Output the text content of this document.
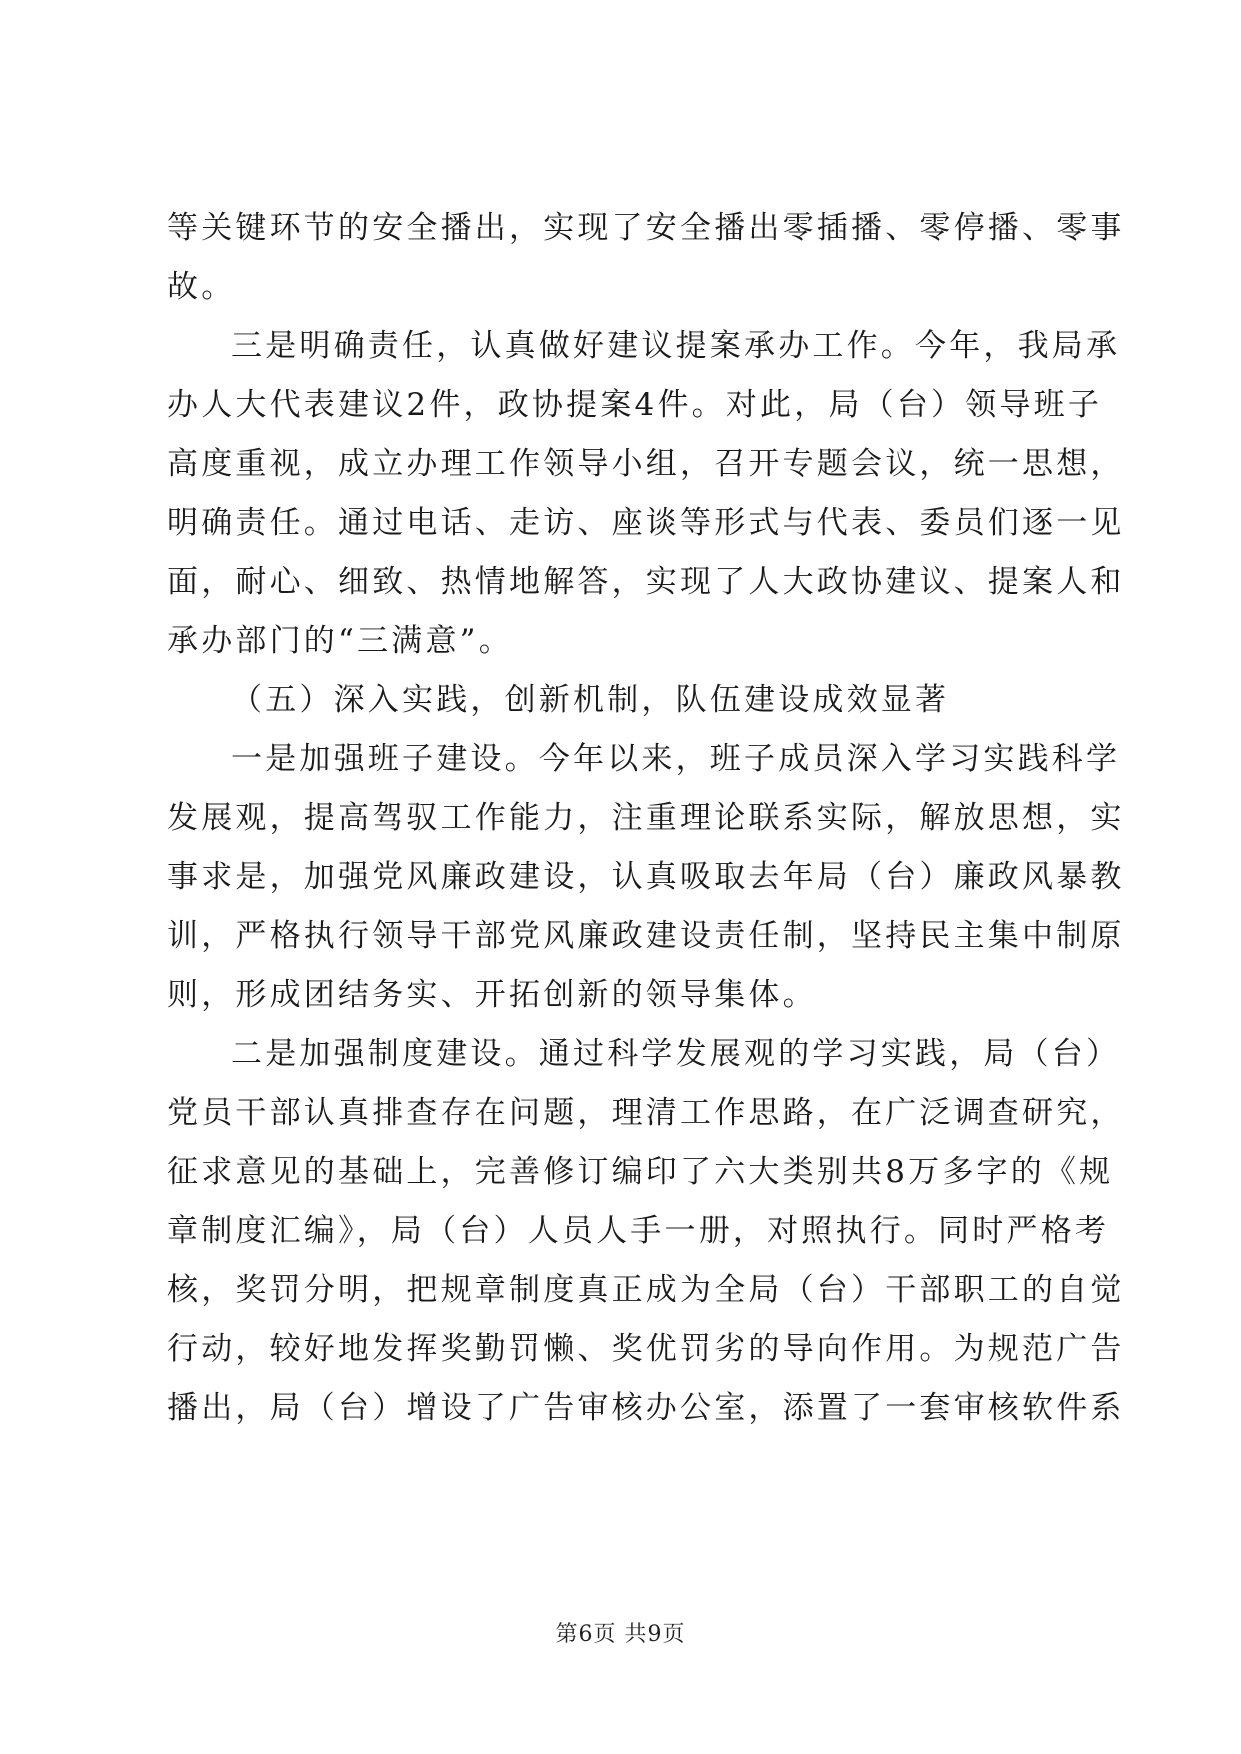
等关键环节的安全播出，实现了安全播出零插播、零停播、零事
故。
三是明确责任，认真做好建议提案承办工作。今年，我局承
办人大代表建议2件，政协提案4件。对此，局（台）领导班子
高度重视，成立办理工作领导小组，召开专题会议，统一思想，
明确责任。通过电话、走访、座谈等形式与代表、委员们逐一见
面，耐心、细致、热情地解答，实现了人大政协建议、提案人和
承办部门的“三满意”。
（五）深入实践，创新机制，队伍建设成效显著
一是加强班子建设。今年以来，班子成员深入学习实践科学
发展观，提高驾驭工作能力，注重理论联系实际，解放思想，实
事求是，加强党风廉政建设，认真吸取去年局（台）廉政风暴教
训，严格执行领导干部党风廉政建设责任制，坚持民主集中制原
则，形成团结务实、开拓创新的领导集体。
二是加强制度建设。通过科学发展观的学习实践，局（台）
党员干部认真排查存在问题，理清工作思路，在广泛调查研究，
征求意见的基础上，完善修订编印了六大类别共8万多字的《规
章制度汇编》，局（台）人员人手一册，对照执行。同时严格考
核，奖罚分明，把规章制度真正成为全局（台）干部职工的自觉
行动，较好地发挥奖勤罚懒、奖优罚劣的导向作用。为规范广告
播出，局（台）增设了广告审核办公室，添置了一套审核软件系
第6页 共9页
